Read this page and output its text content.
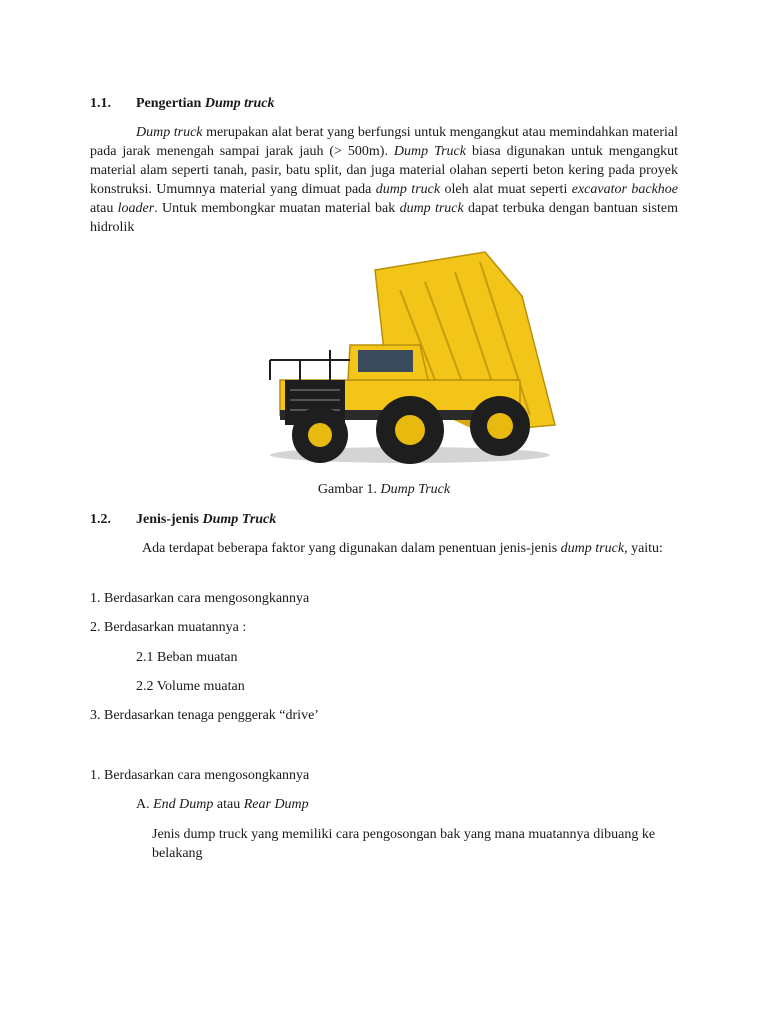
1.1. Pengertian Dump truck
Dump truck merupakan alat berat yang berfungsi untuk mengangkut atau memindahkan material pada jarak menengah sampai jarak jauh (> 500m). Dump Truck biasa digunakan untuk mengangkut material alam seperti tanah, pasir, batu split, dan juga material olahan seperti beton kering pada proyek konstruksi. Umumnya material yang dimuat pada dump truck oleh alat muat seperti excavator backhoe atau loader. Untuk membongkar muatan material bak dump truck dapat terbuka dengan bantuan sistem hidrolik
Gambar 1. Dump Truck
1.2. Jenis-jenis Dump Truck
Ada terdapat beberapa faktor yang digunakan dalam penentuan jenis-jenis dump truck, yaitu:
1. Berdasarkan cara mengosongkannya
2. Berdasarkan muatannya :
2.1 Beban muatan
2.2 Volume muatan
3. Berdasarkan tenaga penggerak “drive’
1. Berdasarkan cara mengosongkannya
A. End Dump atau Rear Dump
Jenis dump truck yang memiliki cara pengosongan bak yang mana muatannya dibuang ke belakang
